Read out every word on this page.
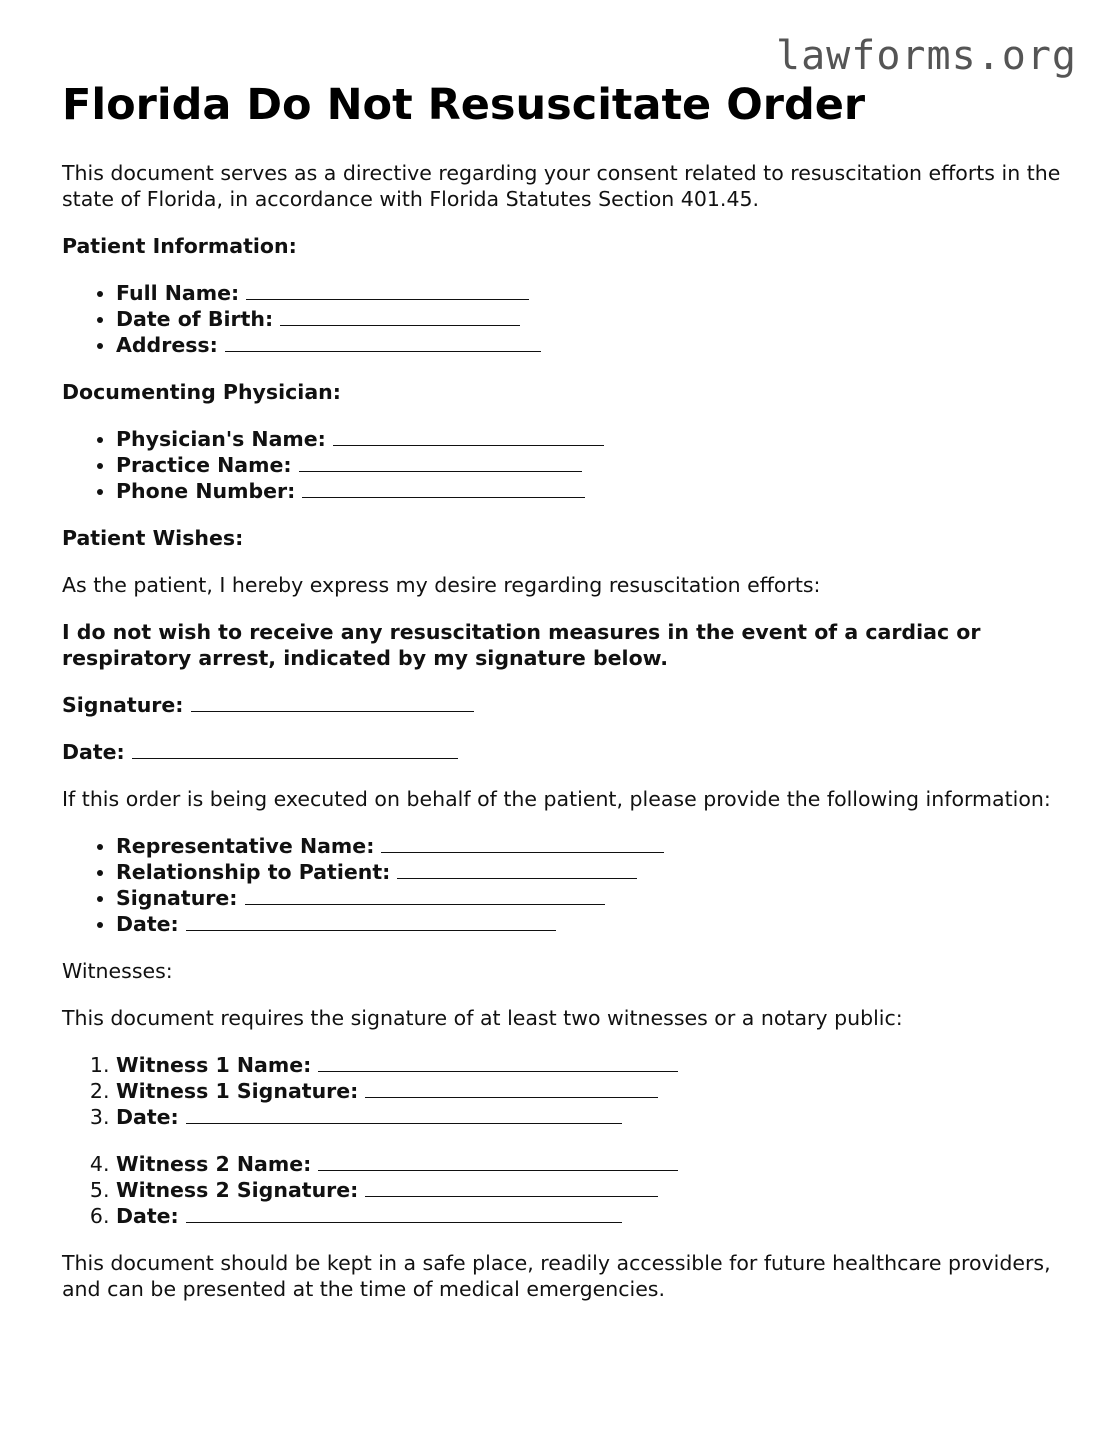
lawforms.org
Florida Do Not Resuscitate Order

This document serves as a directive regarding your consent related to resuscitation efforts in the state of Florida, in accordance with Florida Statutes Section 401.45.

Patient Information:

• Full Name:
• Date of Birth:
• Address:

Documenting Physician:

• Physician's Name:
• Practice Name:
• Phone Number:

Patient Wishes:

As the patient, I hereby express my desire regarding resuscitation efforts:

I do not wish to receive any resuscitation measures in the event of a cardiac or respiratory arrest, indicated by my signature below.

Signature:

Date:

If this order is being executed on behalf of the patient, please provide the following information:

• Representative Name:
• Relationship to Patient:
• Signature:
• Date:

Witnesses:

This document requires the signature of at least two witnesses or a notary public:

1. Witness 1 Name:
2. Witness 1 Signature:
3. Date:
4. Witness 2 Name:
5. Witness 2 Signature:
6. Date:

This document should be kept in a safe place, readily accessible for future healthcare providers, and can be presented at the time of medical emergencies.
